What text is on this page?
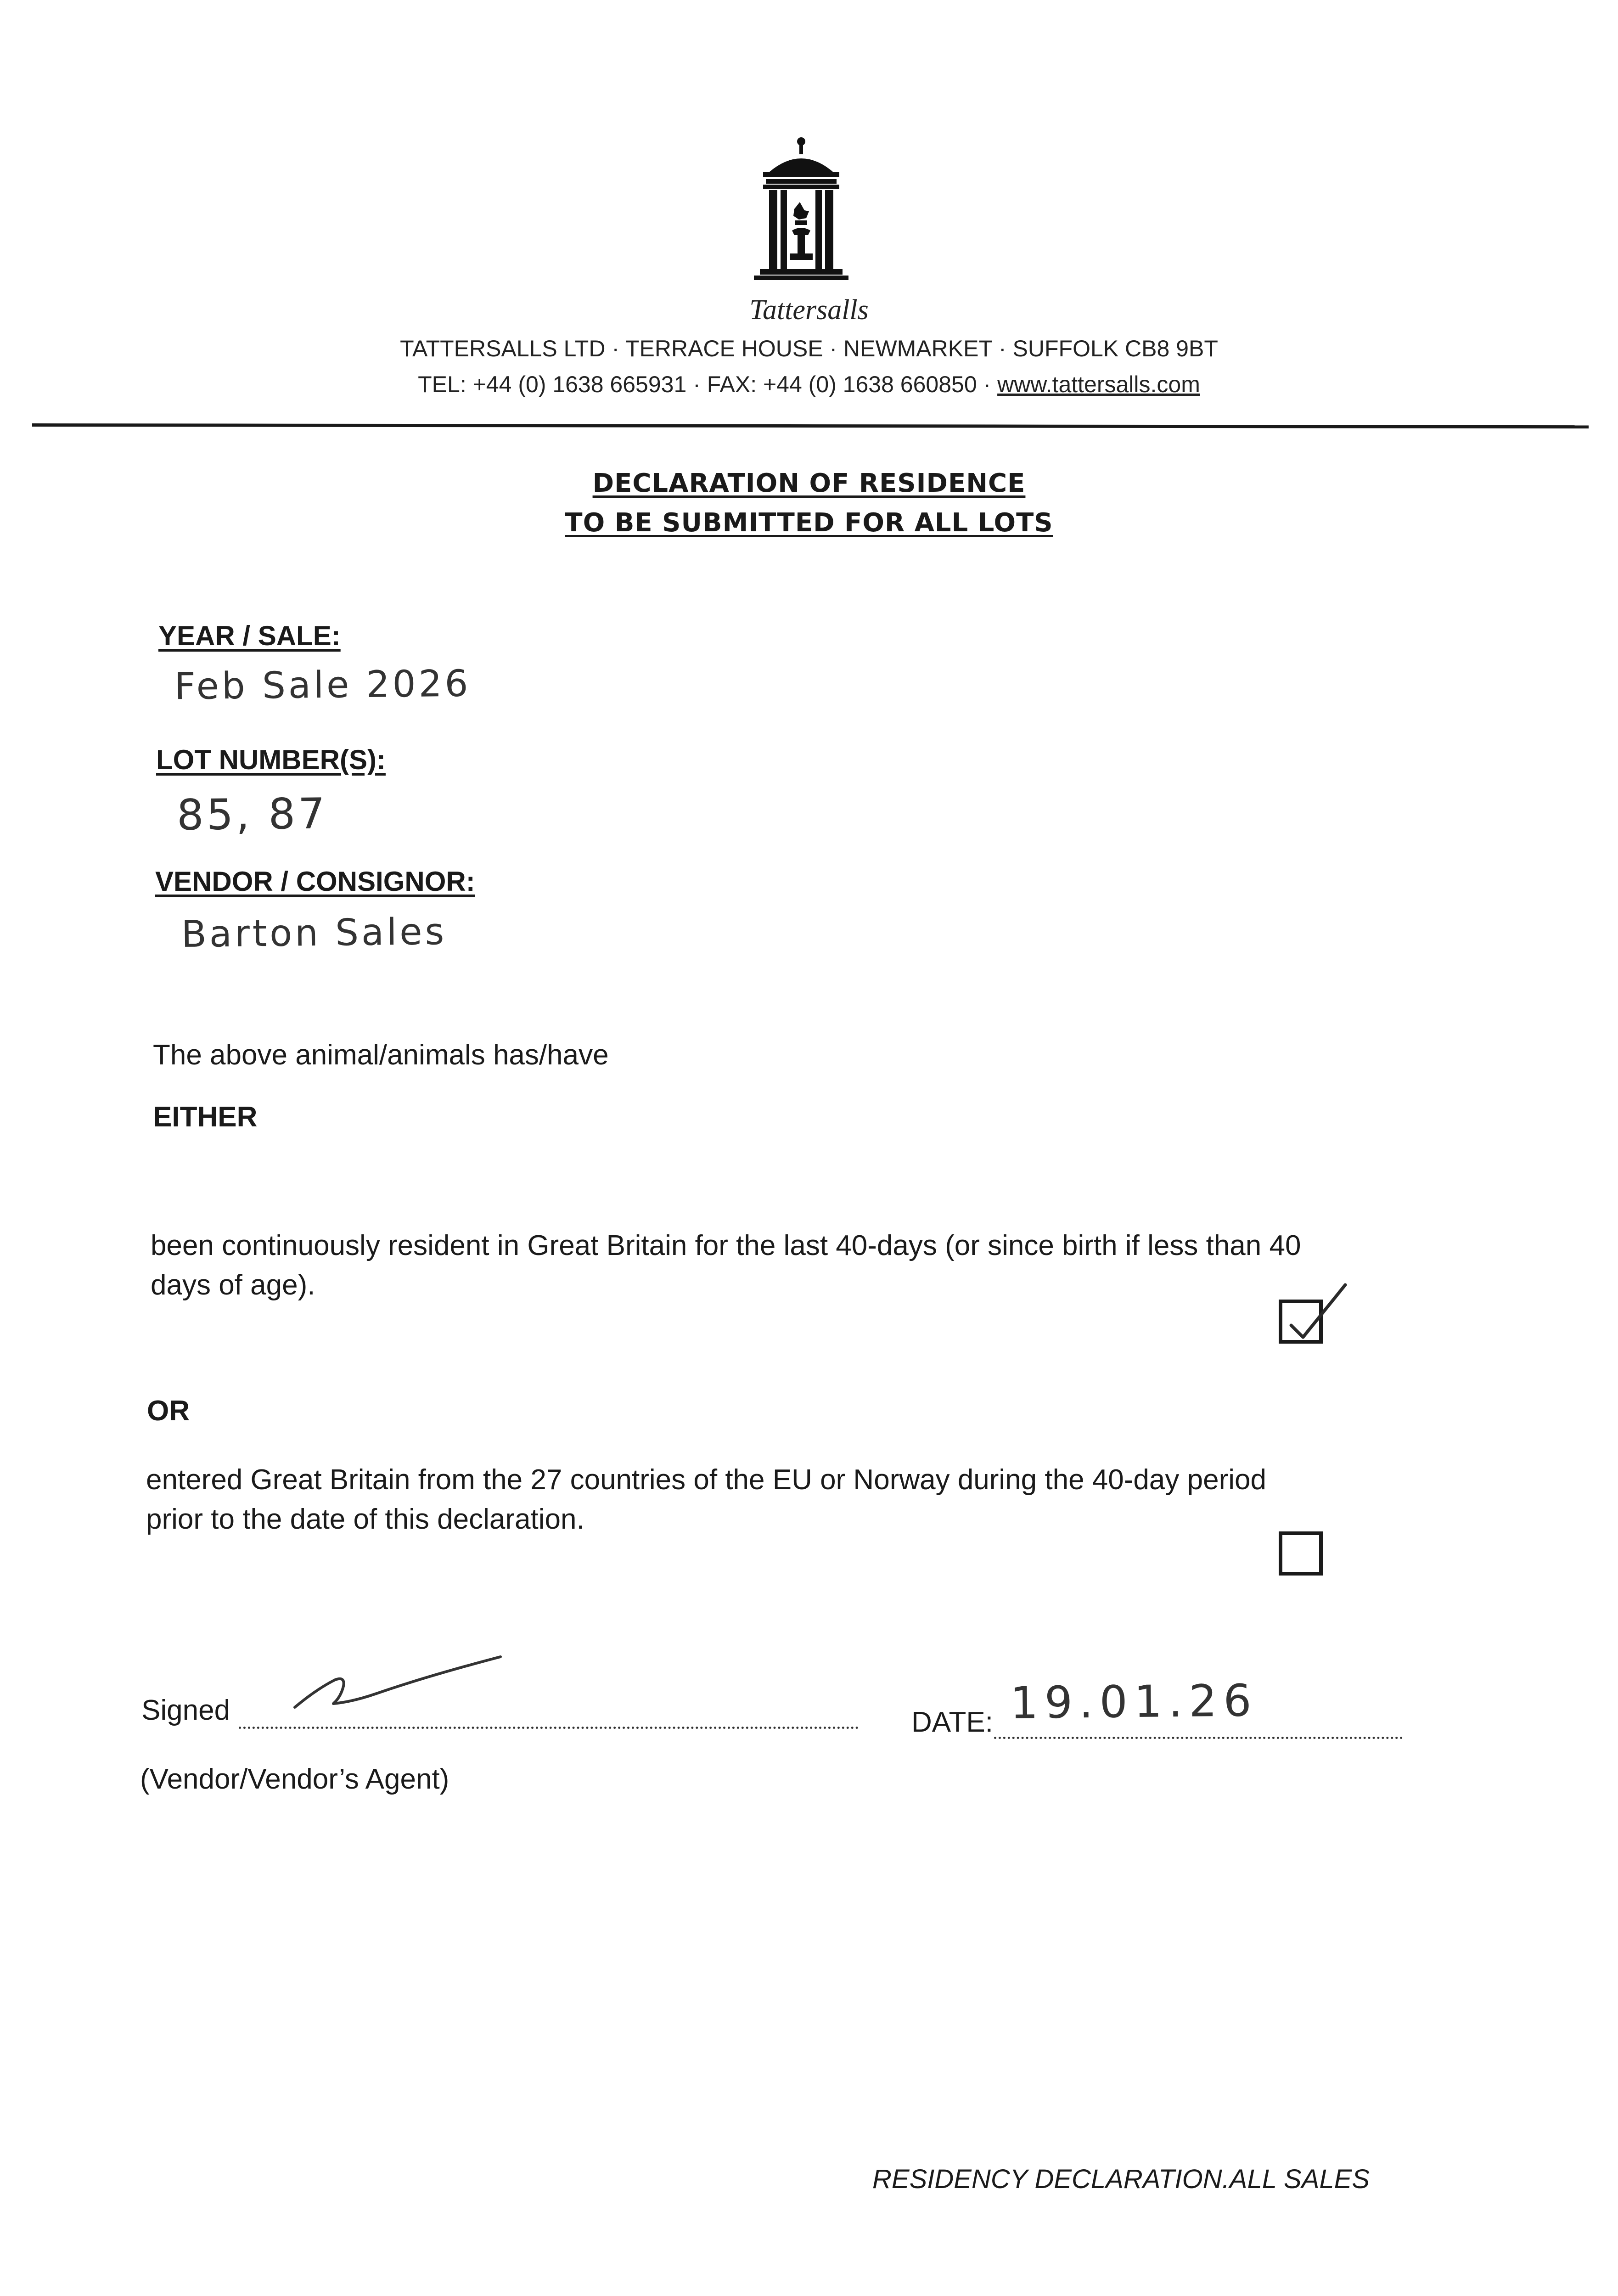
Tattersalls
TATTERSALLS LTD · TERRACE HOUSE · NEWMARKET · SUFFOLK CB8 9BT
TEL: +44 (0) 1638 665931 · FAX: +44 (0) 1638 660850 · www.tattersalls.com
DECLARATION OF RESIDENCE
TO BE SUBMITTED FOR ALL LOTS
YEAR / SALE:
Feb Sale 2026
LOT NUMBER(S):
85, 87
VENDOR / CONSIGNOR:
Barton Sales
The above animal/animals has/have
EITHER
been continuously resident in Great Britain for the last 40-days (or since birth if less than 40
days of age).
OR
entered Great Britain from the 27 countries of the EU or Norway during the 40-day period
prior to the date of this declaration.
Signed	DATE: 19.01.26
(Vendor/Vendor’s Agent)
RESIDENCY DECLARATION.ALL SALES
